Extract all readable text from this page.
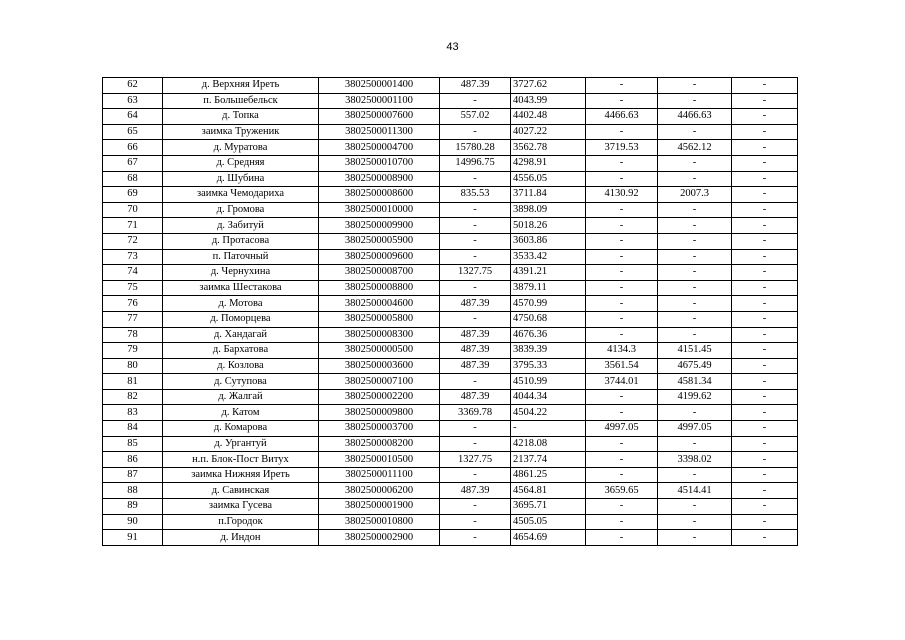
43
62	д. Верхняя Иреть	3802500001400	487.39	3727.62	-	-	-
63	п. Большебельск	3802500001100	-	4043.99	-	-	-
64	д. Топка	3802500007600	557.02	4402.48	4466.63	4466.63	-
65	заимка Труженик	3802500011300	-	4027.22	-	-	-
66	д. Муратова	3802500004700	15780.28	3562.78	3719.53	4562.12	-
67	д. Средняя	3802500010700	14996.75	4298.91	-	-	-
68	д. Шубина	3802500008900	-	4556.05	-	-	-
69	заимка Чемодариха	3802500008600	835.53	3711.84	4130.92	2007.3	-
70	д. Громова	3802500010000	-	3898.09	-	-	-
71	д. Забитуй	3802500009900	-	5018.26	-	-	-
72	д. Протасова	3802500005900	-	3603.86	-	-	-
73	п. Паточный	3802500009600	-	3533.42	-	-	-
74	д. Чернухина	3802500008700	1327.75	4391.21	-	-	-
75	заимка Шестакова	3802500008800	-	3879.11	-	-	-
76	д. Мотова	3802500004600	487.39	4570.99	-	-	-
77	д. Поморцева	3802500005800	-	4750.68	-	-	-
78	д. Хандагай	3802500008300	487.39	4676.36	-	-	-
79	д. Бархатова	3802500000500	487.39	3839.39	4134.3	4151.45	-
80	д. Козлова	3802500003600	487.39	3795.33	3561.54	4675.49	-
81	д. Сутупова	3802500007100	-	4510.99	3744.01	4581.34	-
82	д. Жалгай	3802500002200	487.39	4044.34	-	4199.62	-
83	д. Катом	3802500009800	3369.78	4504.22	-	-	-
84	д. Комарова	3802500003700	-	-	4997.05	4997.05	-
85	д. Ургантуй	3802500008200	-	4218.08	-	-	-
86	н.п. Блок-Пост Витух	3802500010500	1327.75	2137.74	-	3398.02	-
87	заимка Нижняя Иреть	3802500011100	-	4861.25	-	-	-
88	д. Савинская	3802500006200	487.39	4564.81	3659.65	4514.41	-
89	заимка Гусева	3802500001900	-	3695.71	-	-	-
90	п.Городок	3802500010800	-	4505.05	-	-	-
91	д. Индон	3802500002900	-	4654.69	-	-	-
